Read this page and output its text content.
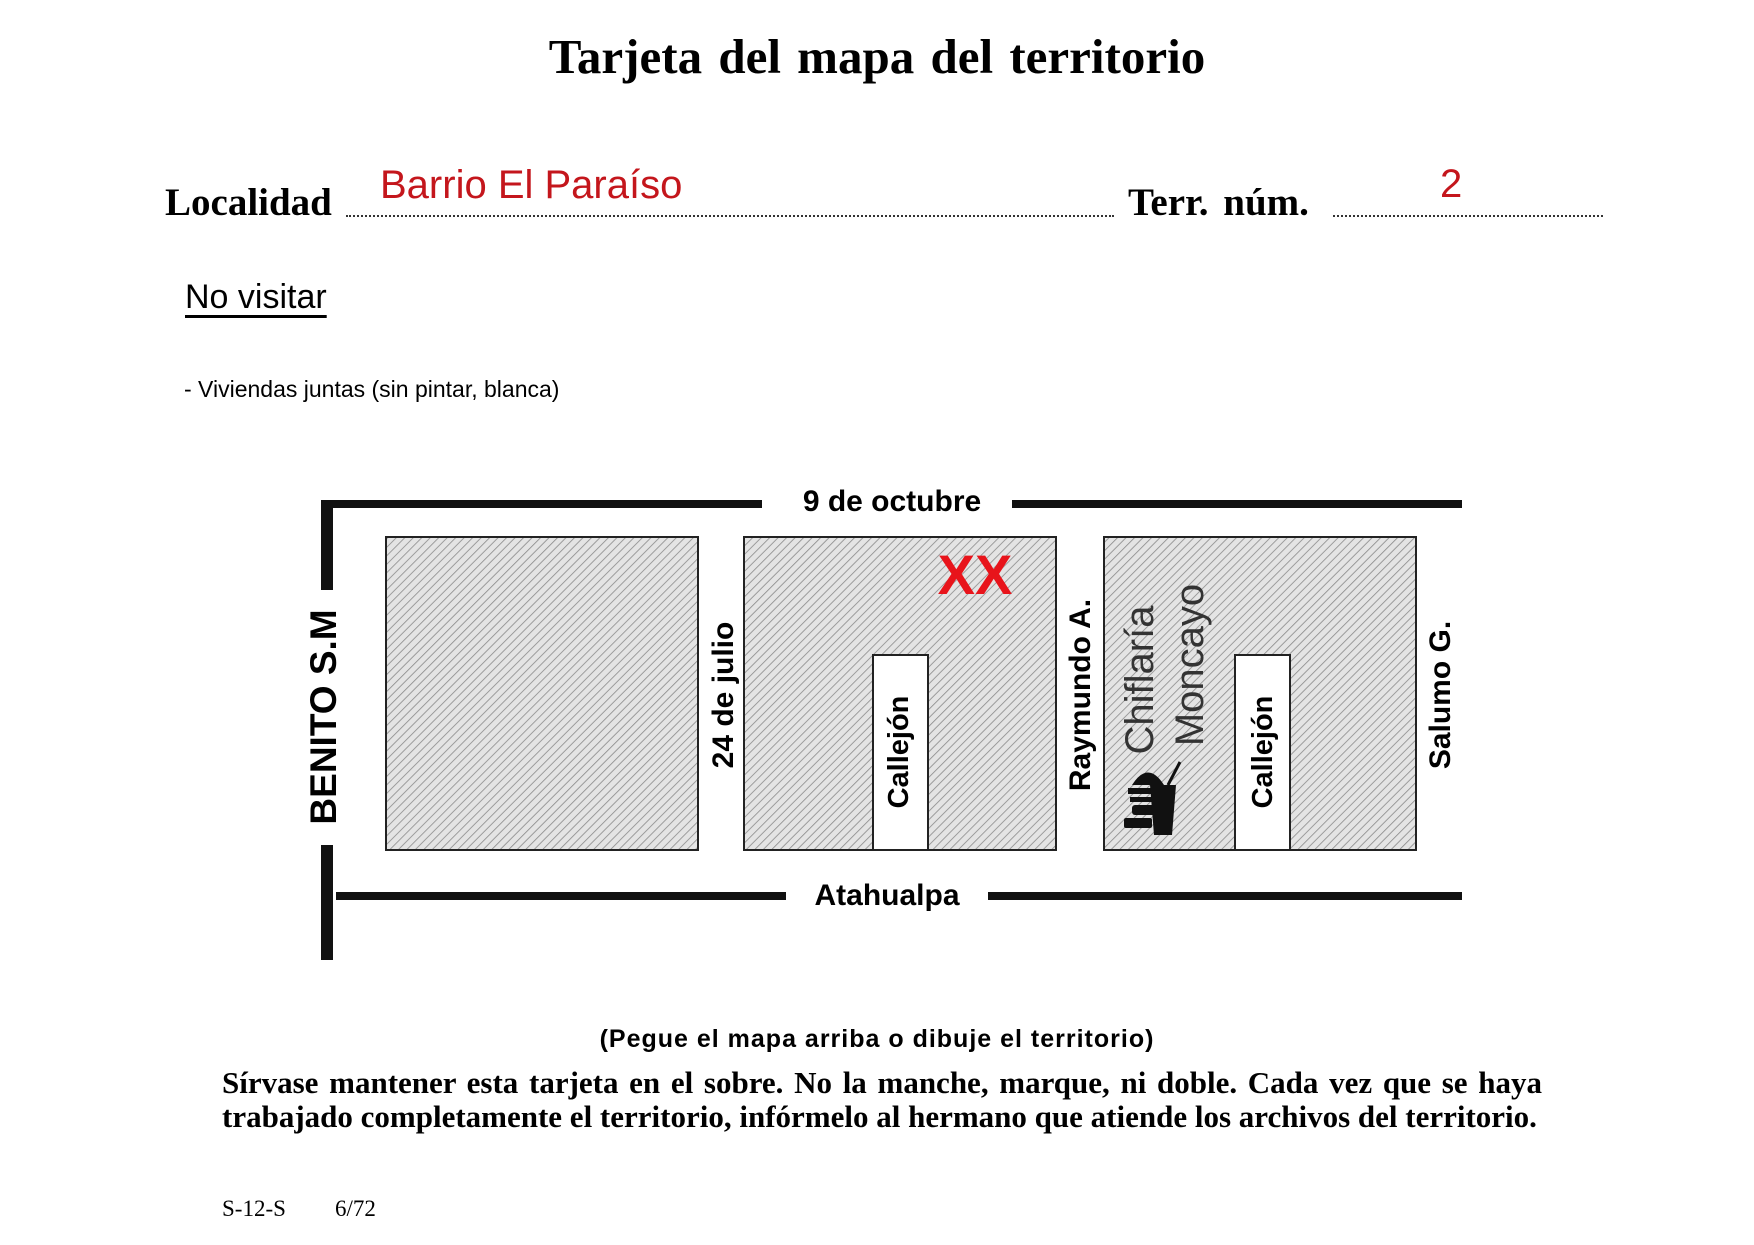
Tarjeta del mapa del territorio
Localidad Barrio El Paraíso	Terr. núm.	2
No visitar
- Viviendas juntas (sin pintar, blanca)
9 de octubre
Atahualpa
BENITO S.M	24 de julio	Raymundo A.	Salumo G.
Callejón	Callejón
Chiflaría Moncayo
XX
(Pegue el mapa arriba o dibuje el territorio)
Sírvase mantener esta tarjeta en el sobre. No la manche, marque, ni doble. Cada vez que se haya trabajado completamente el territorio, infórmelo al hermano que atiende los archivos del territorio.
S-12-S 6/72
